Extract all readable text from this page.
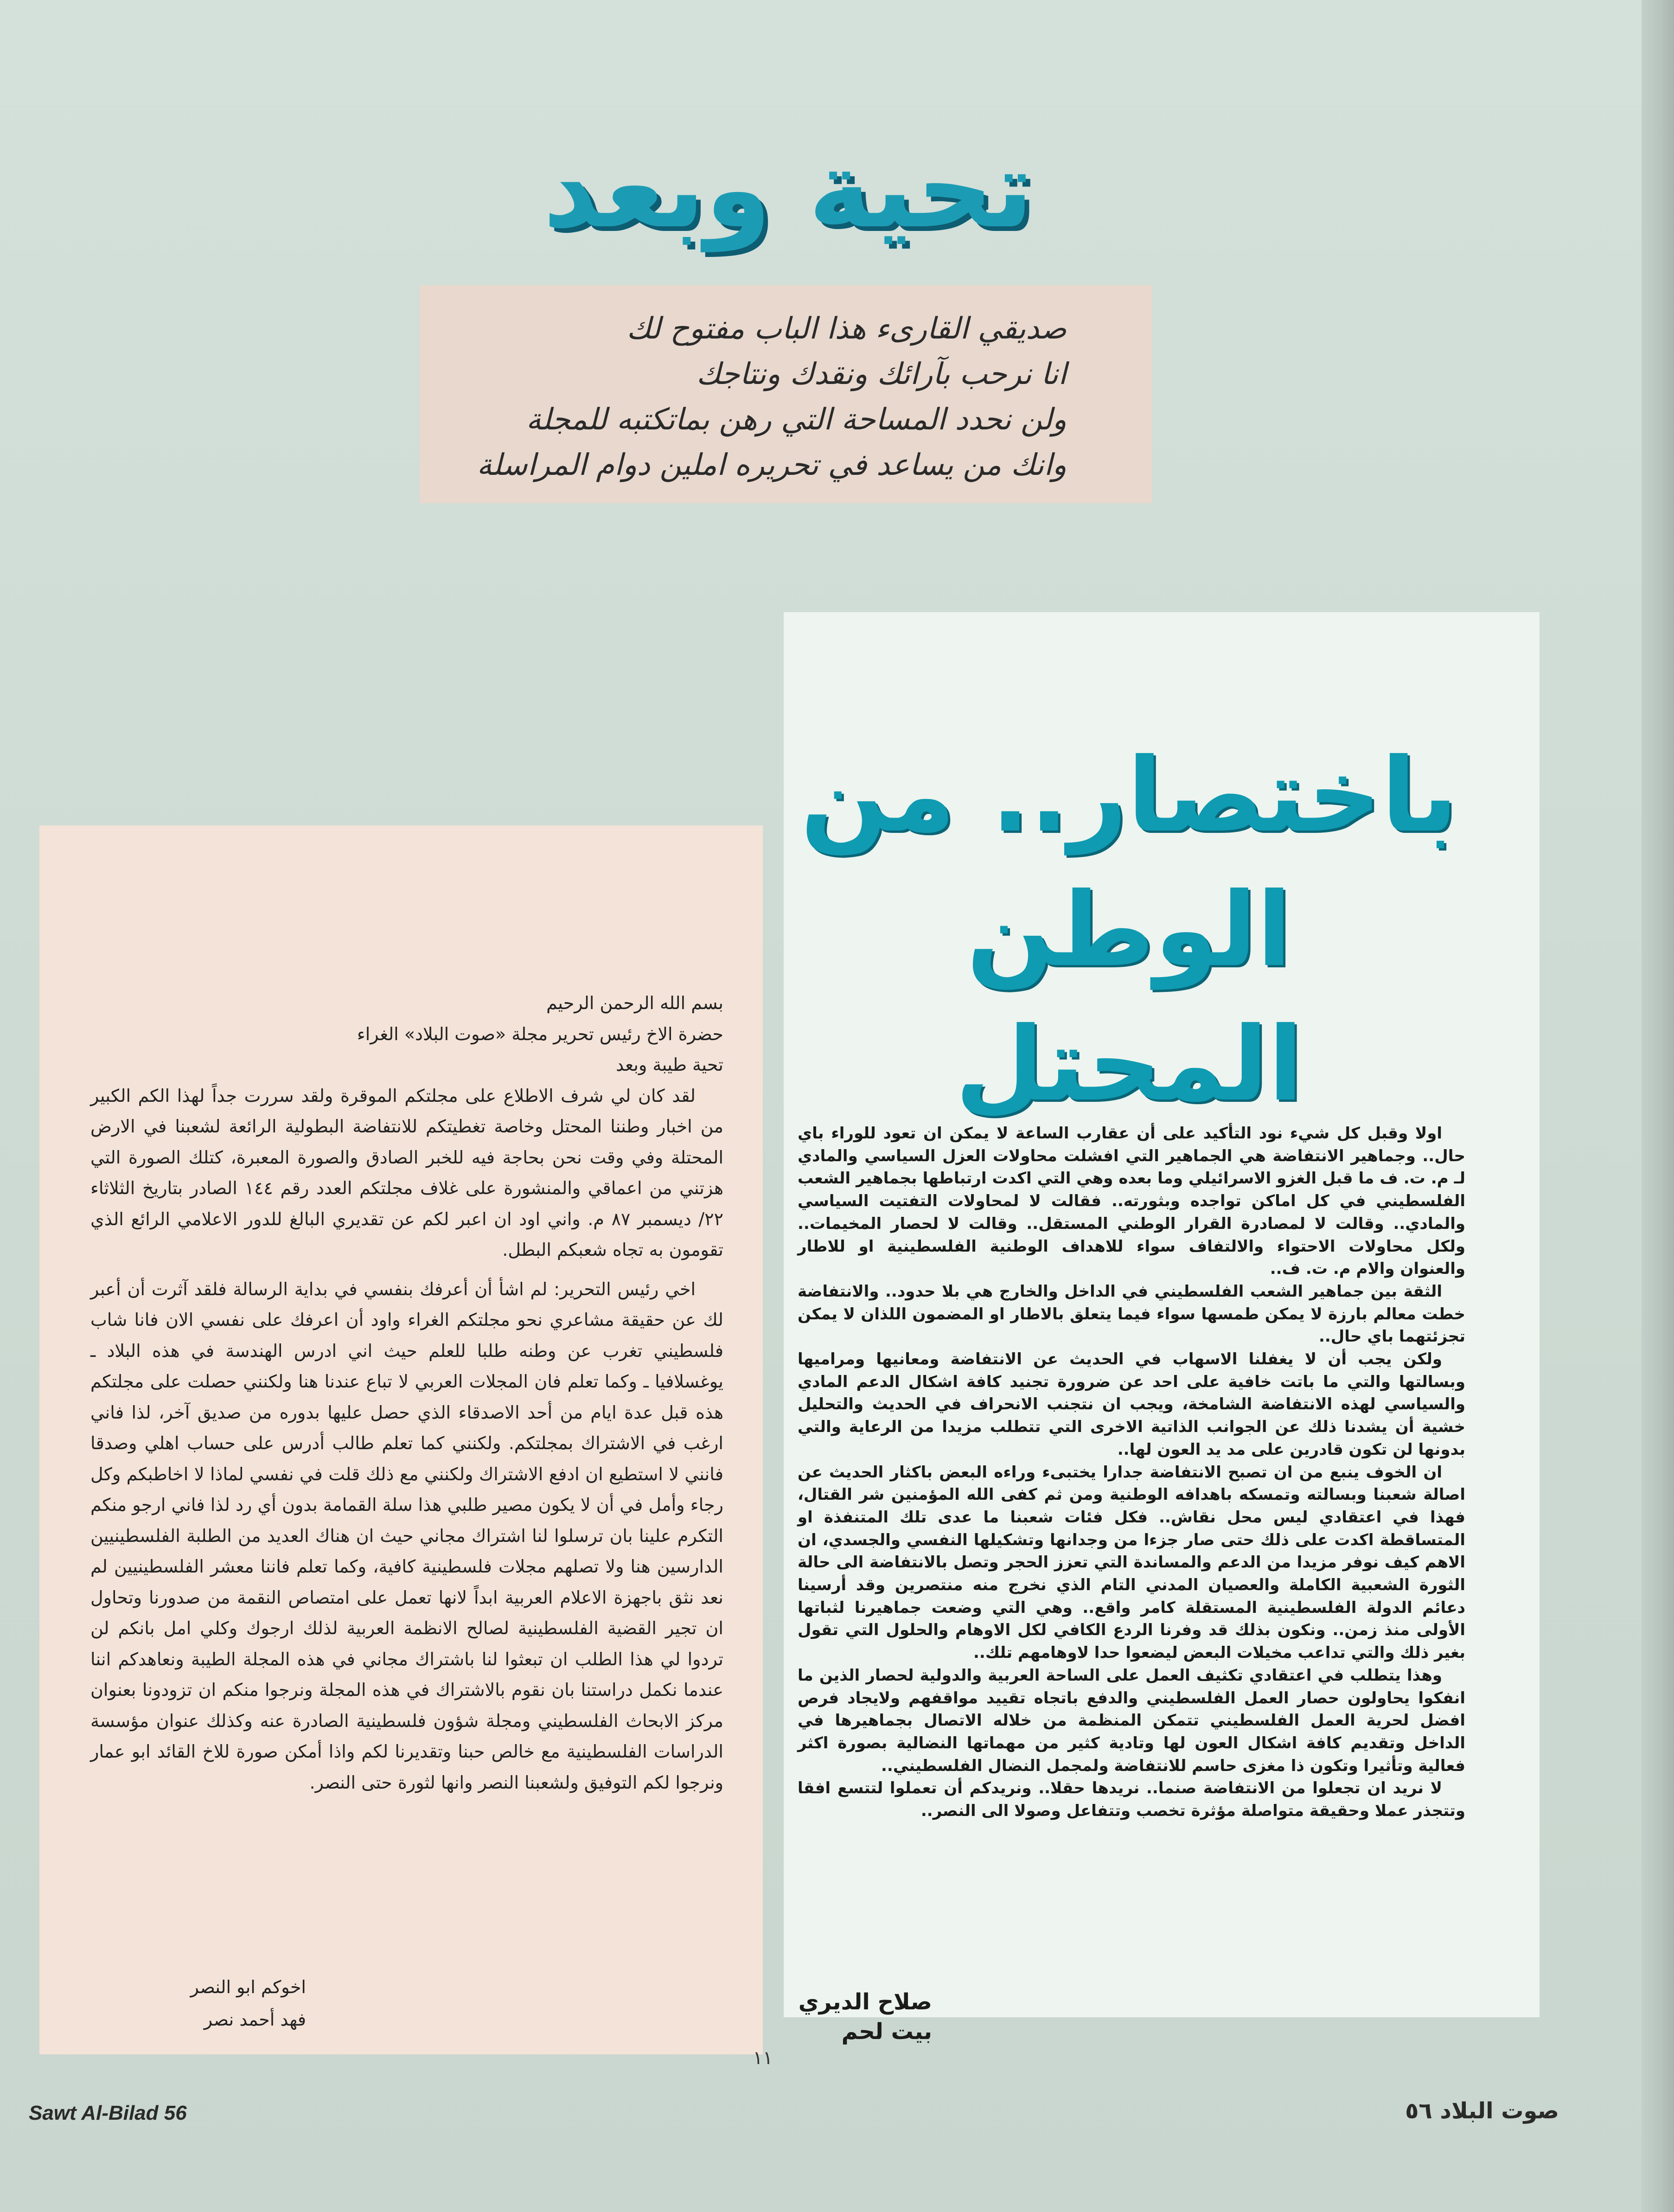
تحية وبعد
صديقي القارىء هذا الباب مفتوح لك
انا نرحب بآرائك ونقدك ونتاجك
ولن نحدد المساحة التي رهن بماتكتبه للمجلة
وانك من يساعد في تحريره املين دوام المراسلة
باختصار.. من الوطن
المحتل

اولا وقبل كل شيء نود التأكيد على أن عقارب الساعة لا يمكن ان تعود للوراء باي حال.. وجماهير الانتفاضة هي الجماهير التي افشلت محاولات العزل السياسي والمادي لـ م. ت. ف ما قبل الغزو الاسرائيلي وما بعده وهي التي اكدت ارتباطها بجماهير الشعب الفلسطيني في كل اماكن تواجده وبثورته.. فقالت لا لمحاولات التفتيت السياسي والمادي.. وقالت لا لمصادرة القرار الوطني المستقل.. وقالت لا لحصار المخيمات.. ولكل محاولات الاحتواء والالتفاف سواء للاهداف الوطنية الفلسطينية او للاطار والعنوان والام م. ت. ف..

الثقة بين جماهير الشعب الفلسطيني في الداخل والخارج هي بلا حدود.. والانتفاضة خطت معالم بارزة لا يمكن طمسها سواء فيما يتعلق بالاطار او المضمون اللذان لا يمكن تجزئتهما باي حال..

ولكن يجب أن لا يغفلنا الاسهاب في الحديث عن الانتفاضة ومعانيها ومراميها وبسالتها والتي ما باتت خافية على احد عن ضرورة تجنيد كافة اشكال الدعم المادي والسياسي لهذه الانتفاضة الشامخة، ويجب ان نتجنب الانحراف في الحديث والتحليل خشية أن يشدنا ذلك عن الجوانب الذاتية الاخرى التي تتطلب مزيدا من الرعاية والتي بدونها لن تكون قادرين على مد يد العون لها..

ان الخوف ينبع من ان تصبح الانتفاضة جدارا يختبىء وراءه البعض باكثار الحديث عن اصالة شعبنا وبسالته وتمسكه باهدافه الوطنية ومن ثم كفى الله المؤمنين شر القتال، فهذا في اعتقادي ليس محل نقاش.. فكل فئات شعبنا ما عدى تلك المتنفذة او المتساقطة اكدت على ذلك حتى صار جزءا من وجدانها وتشكيلها النفسي والجسدي، ان الاهم كيف نوفر مزيدا من الدعم والمساندة التي تعزز الحجر وتصل بالانتفاضة الى حالة الثورة الشعبية الكاملة والعصيان المدني التام الذي نخرج منه منتصرين وقد أرسينا دعائم الدولة الفلسطينية المستقلة كامر واقع.. وهي التي وضعت جماهيرنا لثباتها الأولى منذ زمن.. ونكون بذلك قد وفرنا الردع الكافي لكل الاوهام والحلول التي تقول بغير ذلك والتي تداعب مخيلات البعض ليضعوا حدا لاوهامهم تلك..

وهذا يتطلب في اعتقادي تكثيف العمل على الساحة العربية والدولية لحصار الذين ما انفكوا يحاولون حصار العمل الفلسطيني والدفع باتجاه تقييد مواقفهم ولايجاد فرص افضل لحرية العمل الفلسطيني تتمكن المنظمة من خلاله الاتصال بجماهيرها في الداخل وتقديم كافة اشكال العون لها وتادية كثير من مهماتها النضالية بصورة اكثر فعالية وتأثيرا وتكون ذا مغزى حاسم للانتفاضة ولمجمل النضال الفلسطيني..

لا نريد ان تجعلوا من الانتفاضة صنما.. نريدها حقلا.. ونريدكم أن تعملوا لتتسع افقا وتتجذر عملا وحقيقة متواصلة مؤثرة تخصب وتتفاعل وصولا الى النصر..

صلاح الديري
بيت لحم

بسم الله الرحمن الرحيم

حضرة الاخ رئيس تحرير مجلة «صوت البلاد» الغراء

تحية طيبة وبعد

لقد كان لي شرف الاطلاع على مجلتكم الموقرة ولقد سررت جداً لهذا الكم الكبير من اخبار وطننا المحتل وخاصة تغطيتكم للانتفاضة البطولية الرائعة لشعبنا في الارض المحتلة وفي وقت نحن بحاجة فيه للخبر الصادق والصورة المعبرة، كتلك الصورة التي هزتني من اعماقي والمنشورة على غلاف مجلتكم العدد رقم ١٤٤ الصادر بتاريخ الثلاثاء ٢٢/ ديسمبر ٨٧ م. واني اود ان اعبر لكم عن تقديري البالغ للدور الاعلامي الرائع الذي تقومون به تجاه شعبكم البطل.

اخي رئيس التحرير: لم اشأ أن أعرفك بنفسي في بداية الرسالة فلقد آثرت أن أعبر لك عن حقيقة مشاعري نحو مجلتكم الغراء واود أن اعرفك على نفسي الان فانا شاب فلسطيني تغرب عن وطنه طلبا للعلم حيث اني ادرس الهندسة في هذه البلاد ـ يوغسلافيا ـ وكما تعلم فان المجلات العربي لا تباع عندنا هنا ولكنني حصلت على مجلتكم هذه قبل عدة ايام من أحد الاصدقاء الذي حصل عليها بدوره من صديق آخر، لذا فاني ارغب في الاشتراك بمجلتكم. ولكنني كما تعلم طالب أدرس على حساب اهلي وصدقا فانني لا استطيع ان ادفع الاشتراك ولكنني مع ذلك قلت في نفسي لماذا لا اخاطبكم وكل رجاء وأمل في أن لا يكون مصير طلبي هذا سلة القمامة بدون أي رد لذا فاني ارجو منكم التكرم علينا بان ترسلوا لنا اشتراك مجاني حيث ان هناك العديد من الطلبة الفلسطينيين الدارسين هنا ولا تصلهم مجلات فلسطينية كافية، وكما تعلم فاننا معشر الفلسطينيين لم نعد نثق باجهزة الاعلام العربية ابداً لانها تعمل على امتصاص النقمة من صدورنا وتحاول ان تجير القضية الفلسطينية لصالح الانظمة العربية لذلك ارجوك وكلي امل بانكم لن تردوا لي هذا الطلب ان تبعثوا لنا باشتراك مجاني في هذه المجلة الطيبة ونعاهدكم اننا عندما نكمل دراستنا بان نقوم بالاشتراك في هذه المجلة ونرجوا منكم ان تزودونا بعنوان مركز الابحاث الفلسطيني ومجلة شؤون فلسطينية الصادرة عنه وكذلك عنوان مؤسسة الدراسات الفلسطينية مع خالص حبنا وتقديرنا لكم واذا أمكن صورة للاخ القائد ابو عمار ونرجوا لكم التوفيق ولشعبنا النصر وانها لثورة حتى النصر.

اخوكم ابو النصر
فهد أحمد نصر
١١
Sawt Al-Bilad 56	صوت البلاد ٥٦
